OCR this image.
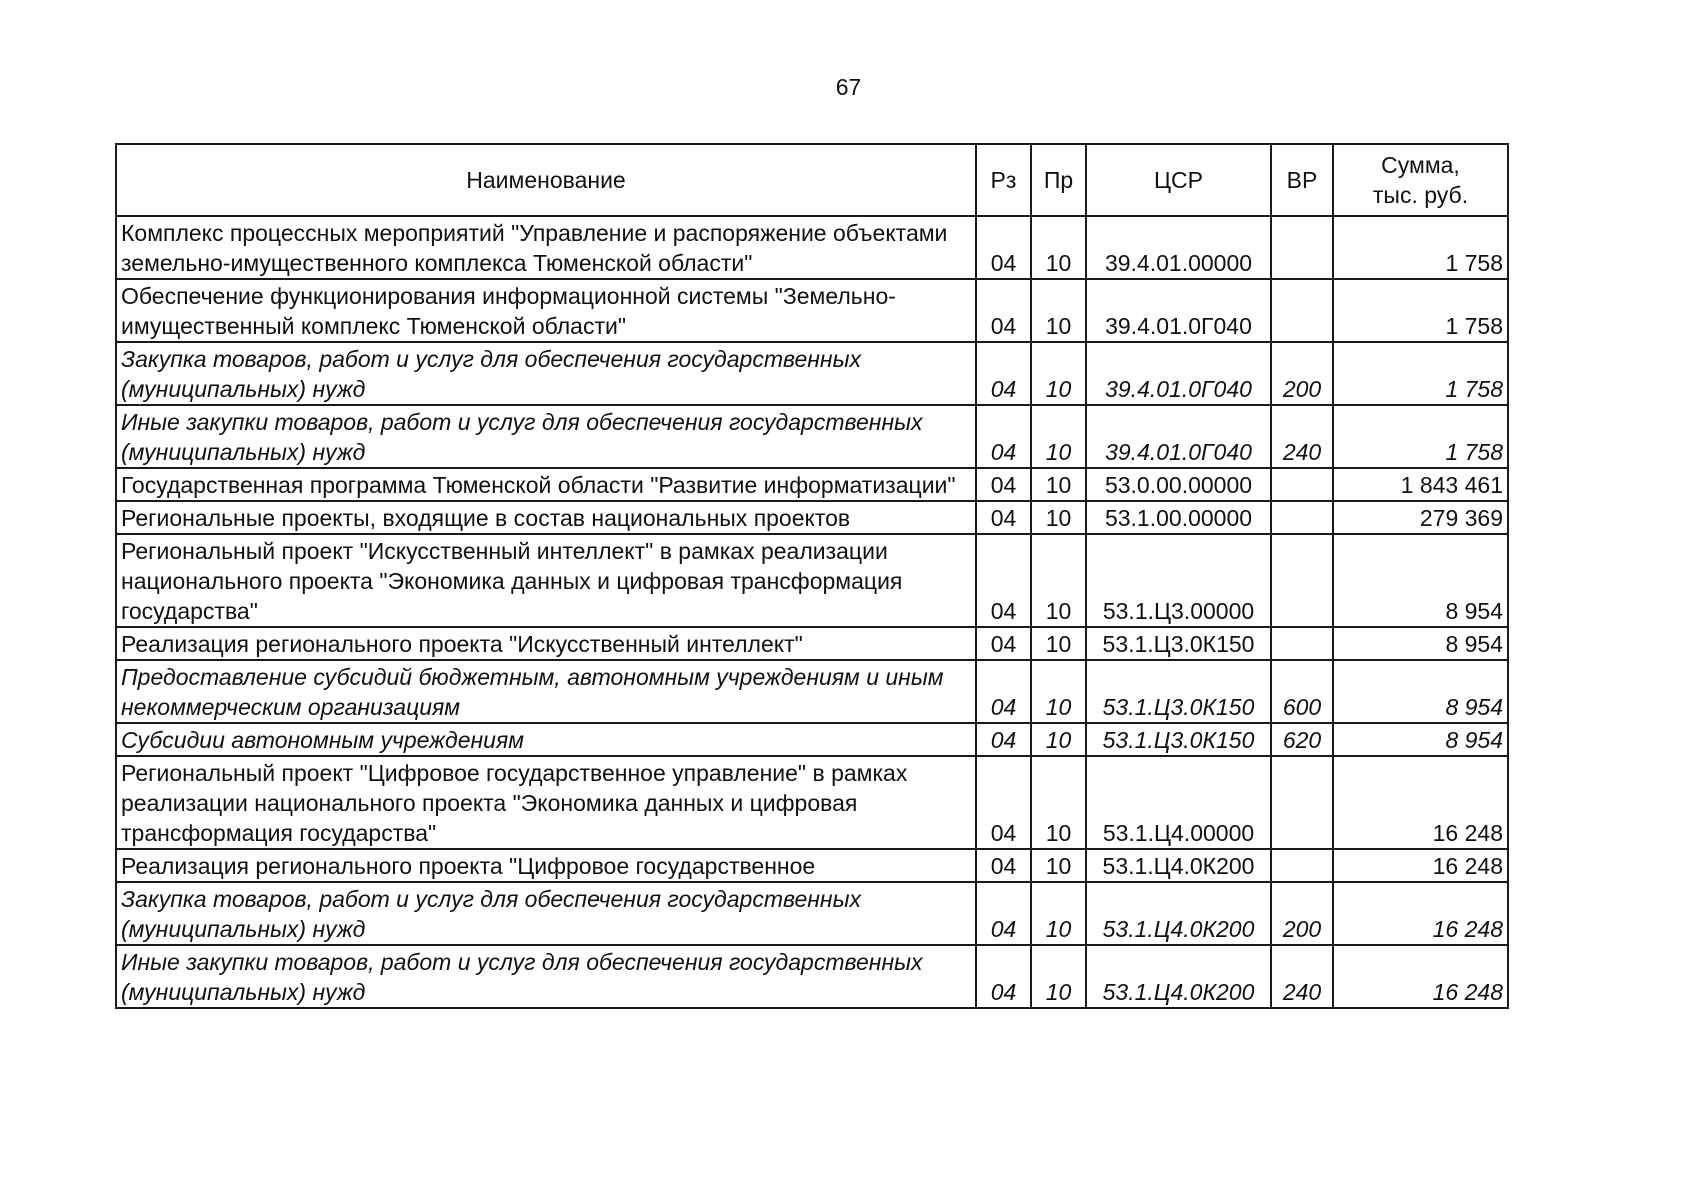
67
Наименование	Рз	Пр	ЦСР	ВР	Сумма,
тыс. руб.

Комплекс процессных мероприятий "Управление и распоряжение объектами земельно-имущественного комплекса Тюменской области"	04	10	39.4.01.00000		1 758
Обеспечение функционирования информационной системы "Земельно-имущественный комплекс Тюменской области"	04	10	39.4.01.0Г040		1 758
Закупка товаров, работ и услуг для обеспечения государственных (муниципальных) нужд	04	10	39.4.01.0Г040	200	1 758
Иные закупки товаров, работ и услуг для обеспечения государственных (муниципальных) нужд	04	10	39.4.01.0Г040	240	1 758
Государственная программа Тюменской области "Развитие информатизации"	04	10	53.0.00.00000		1 843 461
Региональные проекты, входящие в состав национальных проектов	04	10	53.1.00.00000		279 369
Региональный проект "Искусственный интеллект" в рамках реализации национального проекта "Экономика данных и цифровая трансформация государства"	04	10	53.1.Ц3.00000		8 954
Реализация регионального проекта "Искусственный интеллект"	04	10	53.1.Ц3.0К150		8 954
Предоставление субсидий бюджетным, автономным учреждениям и иным некоммерческим организациям	04	10	53.1.Ц3.0К150	600	8 954
Субсидии автономным учреждениям	04	10	53.1.Ц3.0К150	620	8 954
Региональный проект "Цифровое государственное управление" в рамках реализации национального проекта "Экономика данных и цифровая трансформация государства"	04	10	53.1.Ц4.00000		16 248
Реализация регионального проекта "Цифровое государственное	04	10	53.1.Ц4.0К200		16 248
Закупка товаров, работ и услуг для обеспечения государственных (муниципальных) нужд	04	10	53.1.Ц4.0К200	200	16 248
Иные закупки товаров, работ и услуг для обеспечения государственных (муниципальных) нужд	04	10	53.1.Ц4.0К200	240	16 248
